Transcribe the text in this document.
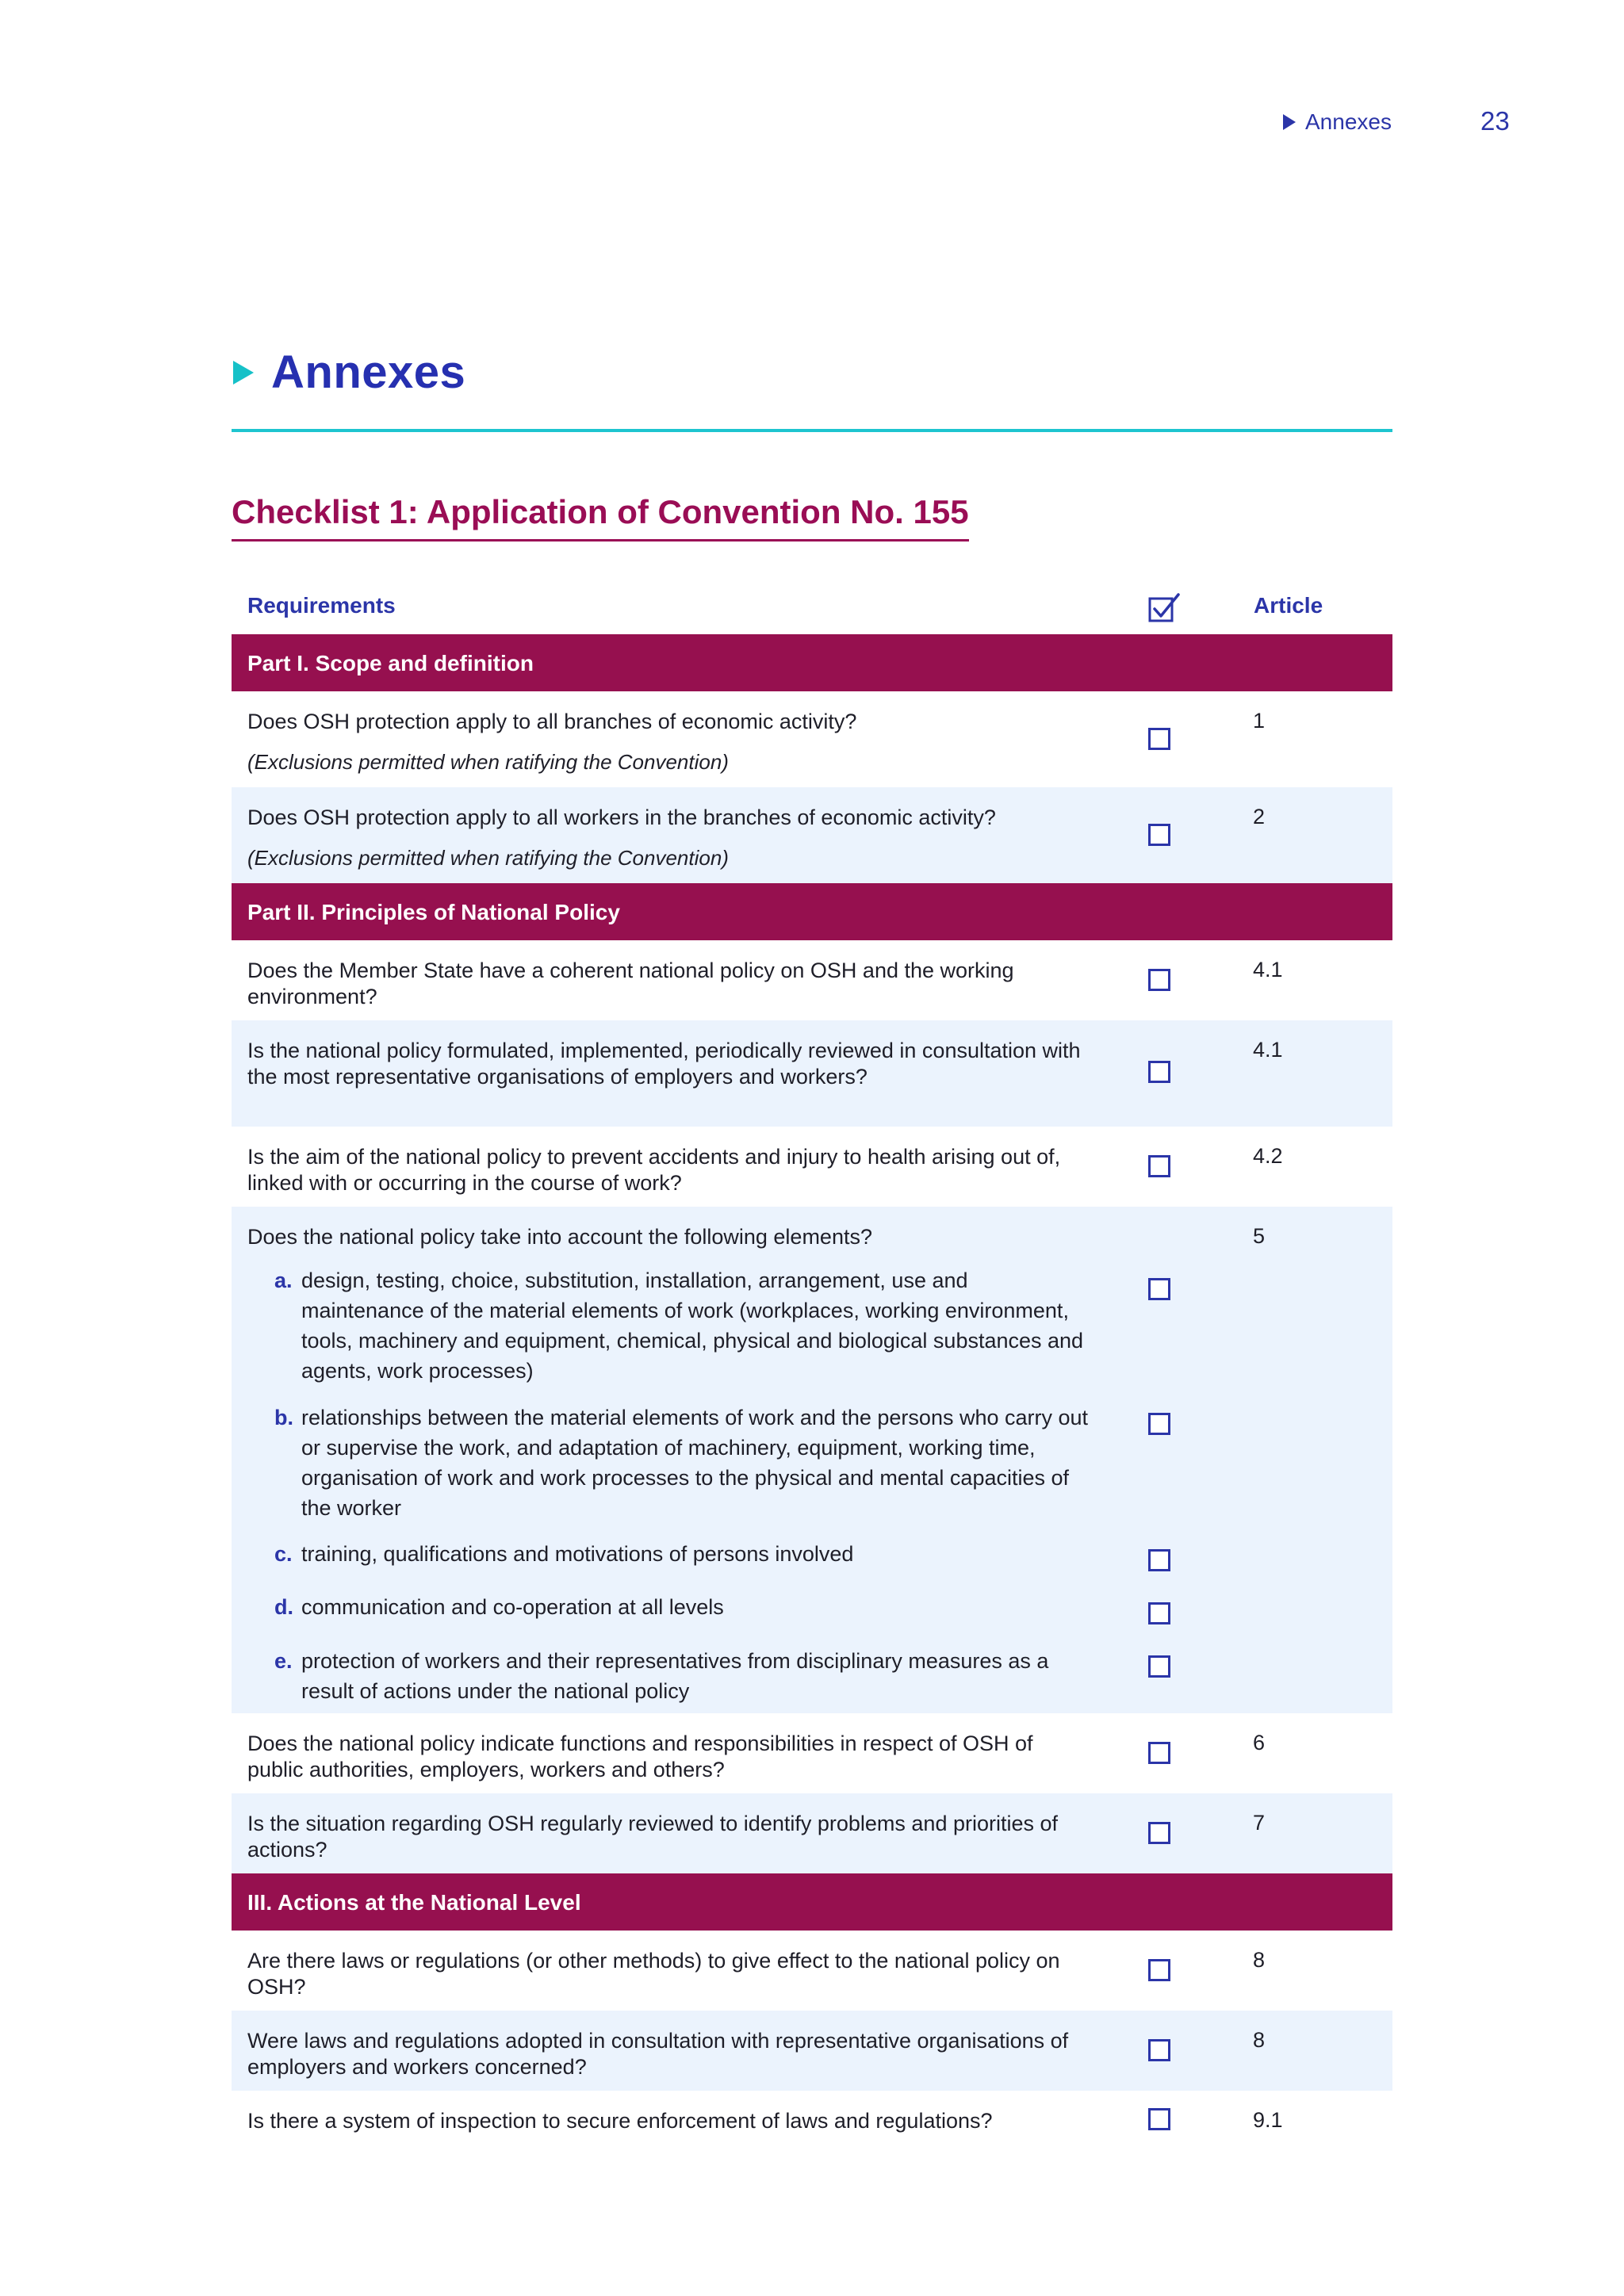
Annexes	23
Annexes
Checklist 1: Application of Convention No. 155
Requirements	Article
Part I. Scope and definition
Does OSH protection apply to all branches of economic activity?
(Exclusions permitted when ratifying the Convention)
1
Does OSH protection apply to all workers in the branches of economic activity?
(Exclusions permitted when ratifying the Convention)
2
Part II. Principles of National Policy
Does the Member State have a coherent national policy on OSH and the working environment?
4.1
Is the national policy formulated, implemented, periodically reviewed in consultation with the most representative organisations of employers and workers?
4.1
Is the aim of the national policy to prevent accidents and injury to health arising out of, linked with or occurring in the course of work?
4.2
Does the national policy take into account the following elements?	5
a. design, testing, choice, substitution, installation, arrangement, use and maintenance of the material elements of work (workplaces, working environment, tools, machinery and equipment, chemical, physical and biological substances and agents, work processes)
b. relationships between the material elements of work and the persons who carry out or supervise the work, and adaptation of machinery, equipment, working time, organisation of work and work processes to the physical and mental capacities of the worker
c. training, qualifications and motivations of persons involved
d. communication and co-operation at all levels
e. protection of workers and their representatives from disciplinary measures as a result of actions under the national policy
Does the national policy indicate functions and responsibilities in respect of OSH of public authorities, employers, workers and others?
6
Is the situation regarding OSH regularly reviewed to identify problems and priorities of actions?
7
III. Actions at the National Level
Are there laws or regulations (or other methods) to give effect to the national policy on OSH?
8
Were laws and regulations adopted in consultation with representative organisations of employers and workers concerned?
8
Is there a system of inspection to secure enforcement of laws and regulations?	9.1
